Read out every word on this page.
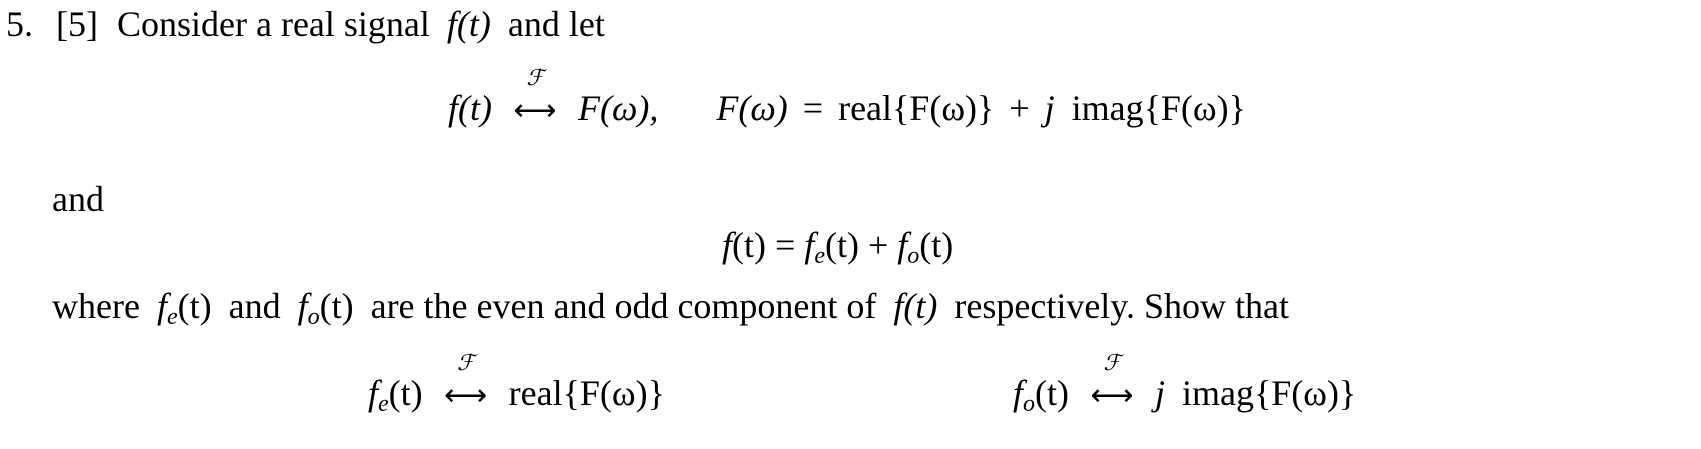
5. [5] Consider a real signal f(t) and let
f(t)
ℱ
⟷ F(ω), F(ω) = real{F(ω)} + j imag{F(ω)}
and
f(t) = fe(t) + fo(t)
where fe(t) and fo(t) are the even and odd component of f(t) respectively. Show that
fe(t)
ℱ
⟷ real{F(ω)}	fo(t)
ℱ
⟷ j imag{F(ω)}
